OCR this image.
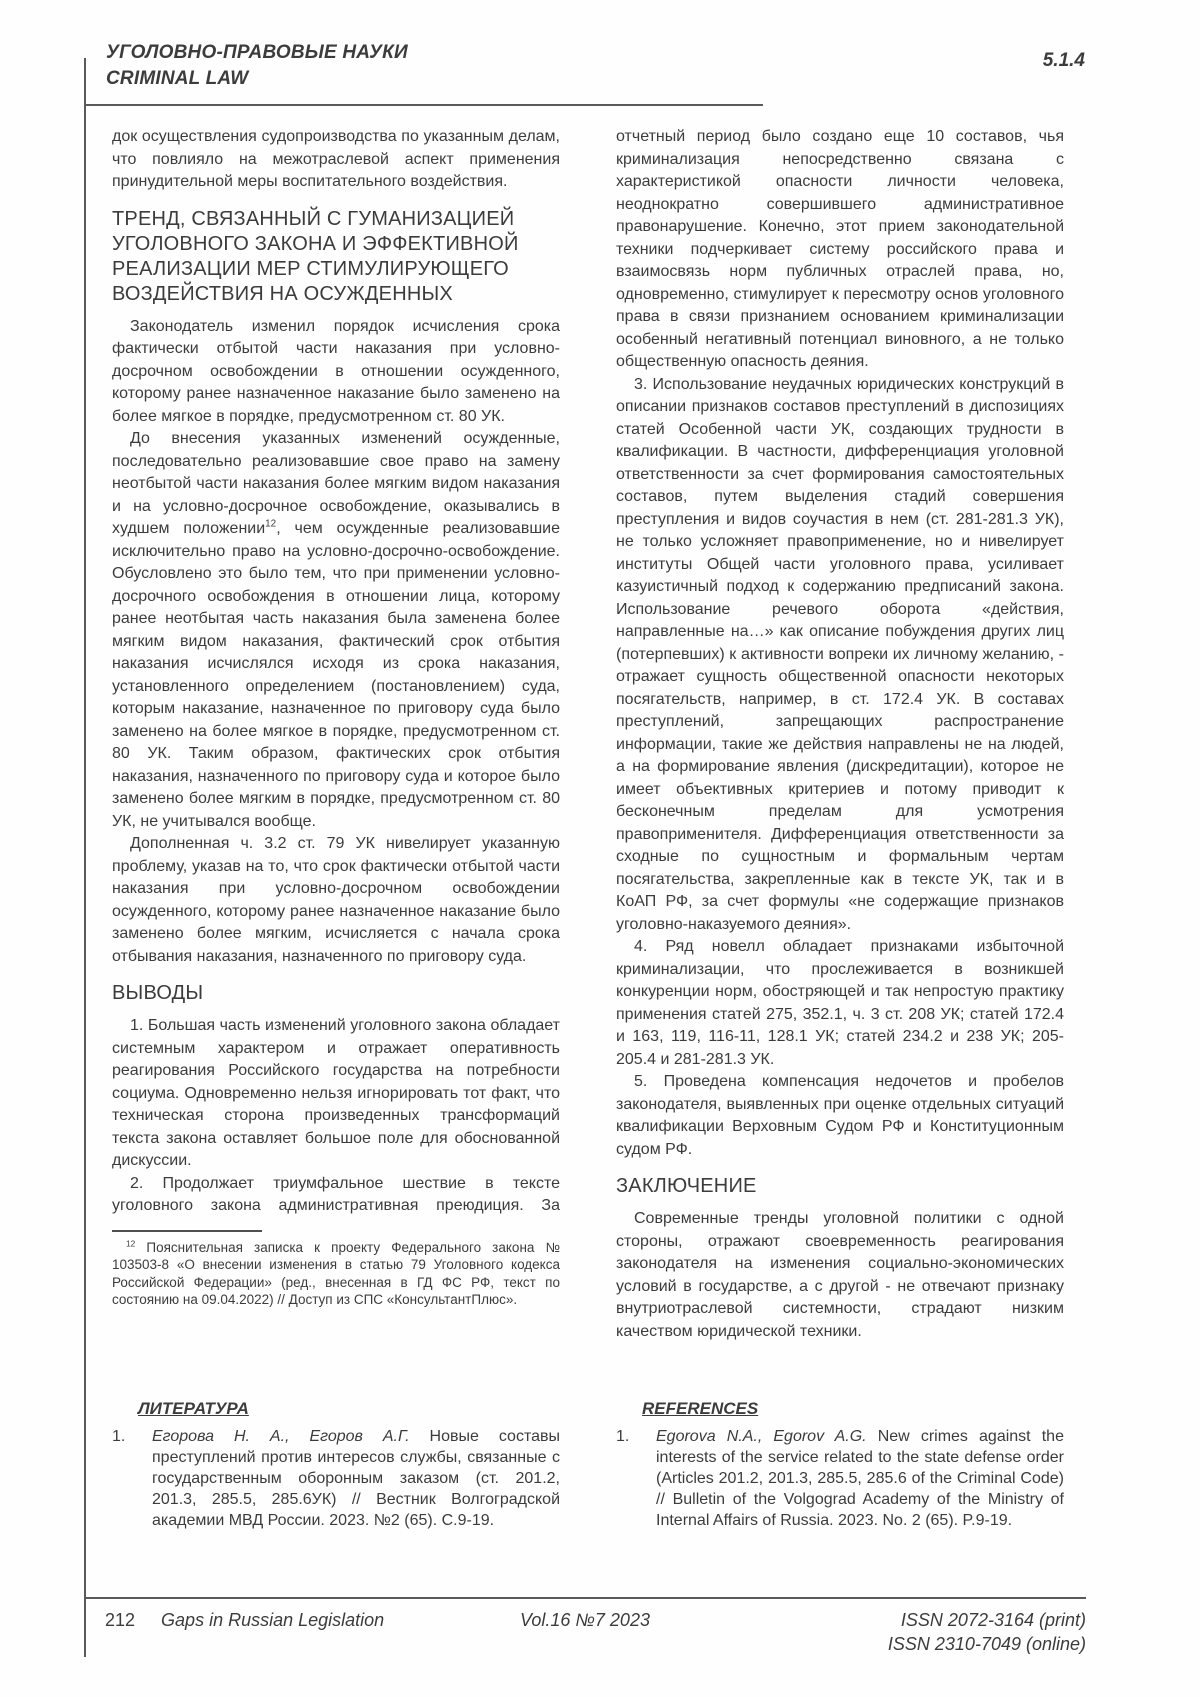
УГОЛОВНО-ПРАВОВЫЕ НАУКИ
CRIMINAL LAW
5.1.4

док осуществления судопроизводства по указанным делам, что повлияло на межотраслевой аспект применения принудительной меры воспитательного воздействия.

ТРЕНД, СВЯЗАННЫЙ С ГУМАНИЗАЦИЕЙ УГОЛОВНОГО ЗАКОНА И ЭФФЕКТИВНОЙ РЕАЛИЗАЦИИ МЕР СТИМУЛИРУЮЩЕГО ВОЗДЕЙСТВИЯ НА ОСУЖДЕННЫХ

Законодатель изменил порядок исчисления срока фактически отбытой части наказания при условно-досрочном освобождении в отношении осужденного, которому ранее назначенное наказание было заменено на более мягкое в порядке, предусмотренном ст. 80 УК.

До внесения указанных изменений осужденные, последовательно реализовавшие свое право на замену неотбытой части наказания более мягким видом наказания и на условно-досрочное освобождение, оказывались в худшем положении$^{12}$, чем осужденные реализовавшие исключительно право на условно-досрочно-освобождение. Обусловлено это было тем, что при применении условно-досрочного освобождения в отношении лица, которому ранее неотбытая часть наказания была заменена более мягким видом наказания, фактический срок отбытия наказания исчислялся исходя из срока наказания, установленного определением (постановлением) суда, которым наказание, назначенное по приговору суда было заменено на более мягкое в порядке, предусмотренном ст. 80 УК. Таким образом, фактических срок отбытия наказания, назначенного по приговору суда и которое было заменено более мягким в порядке, предусмотренном ст. 80 УК, не учитывался вообще.

Дополненная ч. 3.2 ст. 79 УК нивелирует указанную проблему, указав на то, что срок фактически отбытой части наказания при условно-досрочном освобождении осужденного, которому ранее назначенное наказание было заменено более мягким, исчисляется с начала срока отбывания наказания, назначенного по приговору суда.

ВЫВОДЫ

1. Большая часть изменений уголовного закона обладает системным характером и отражает оперативность реагирования Российского государства на потребности социума. Одновременно нельзя игнорировать тот факт, что техническая сторона произведенных трансформаций текста закона оставляет большое поле для обоснованной дискуссии.

2. Продолжает триумфальное шествие в тексте уголовного закона административная преюдиция. За

$^{12}$ Пояснительная записка к проекту Федерального закона № 103503-8 «О внесении изменения в статью 79 Уголовного кодекса Российской Федерации» (ред., внесенная в ГД ФС РФ, текст по состоянию на 09.04.2022) // Доступ из СПС «КонсультантПлюс».

ЛИТЕРАТУРА
1.	Егорова Н. А., Егоров А.Г. Новые составы преступлений против интересов службы, связанные с государственным оборонным заказом (ст. 201.2, 201.3, 285.5, 285.6УК) // Вестник Волгоградской академии МВД России. 2023. №2 (65). С.9-19.

отчетный период было создано еще 10 составов, чья криминализация непосредственно связана с характеристикой опасности личности человека, неоднократно совершившего административное правонарушение. Конечно, этот прием законодательной техники подчеркивает систему российского права и взаимосвязь норм публичных отраслей права, но, одновременно, стимулирует к пересмотру основ уголовного права в связи признанием основанием криминализации особенный негативный потенциал виновного, а не только общественную опасность деяния.

3. Использование неудачных юридических конструкций в описании признаков составов преступлений в диспозициях статей Особенной части УК, создающих трудности в квалификации. В частности, дифференциация уголовной ответственности за счет формирования самостоятельных составов, путем выделения стадий совершения преступления и видов соучастия в нем (ст. 281-281.3 УК), не только усложняет правоприменение, но и нивелирует институты Общей части уголовного права, усиливает казуистичный подход к содержанию предписаний закона. Использование речевого оборота «действия, направленные на…» как описание побуждения других лиц (потерпевших) к активности вопреки их личному желанию, - отражает сущность общественной опасности некоторых посягательств, например, в ст. 172.4 УК. В составах преступлений, запрещающих распространение информации, такие же действия направлены не на людей, а на формирование явления (дискредитации), которое не имеет объективных критериев и потому приводит к бесконечным пределам для усмотрения правоприменителя. Дифференциация ответственности за сходные по сущностным и формальным чертам посягательства, закрепленные как в тексте УК, так и в КоАП РФ, за счет формулы «не содержащие признаков уголовно-наказуемого деяния».

4. Ряд новелл обладает признаками избыточной криминализации, что прослеживается в возникшей конкуренции норм, обостряющей и так непростую практику применения статей 275, 352.1, ч. 3 ст. 208 УК; статей 172.4 и 163, 119, 116-11, 128.1 УК; статей 234.2 и 238 УК; 205-205.4 и 281-281.3 УК.

5. Проведена компенсация недочетов и пробелов законодателя, выявленных при оценке отдельных ситуаций квалификации Верховным Судом РФ и Конституционным судом РФ.

ЗАКЛЮЧЕНИЕ

Современные тренды уголовной политики с одной стороны, отражают своевременность реагирования законодателя на изменения социально-экономических условий в государстве, а с другой - не отвечают признаку внутриотраслевой системности, страдают низким качеством юридической техники.

REFERENCES
1.	Egorova N.A., Egorov A.G. New crimes against the interests of the service related to the state defense order (Articles 201.2, 201.3, 285.5, 285.6 of the Criminal Code) // Bulletin of the Volgograd Academy of the Ministry of Internal Affairs of Russia. 2023. No. 2 (65). P.9-19.
212 Gaps in Russian Legislation	Vol.16 №7 2023	ISSN 2072-3164 (print)
ISSN 2310-7049 (online)
